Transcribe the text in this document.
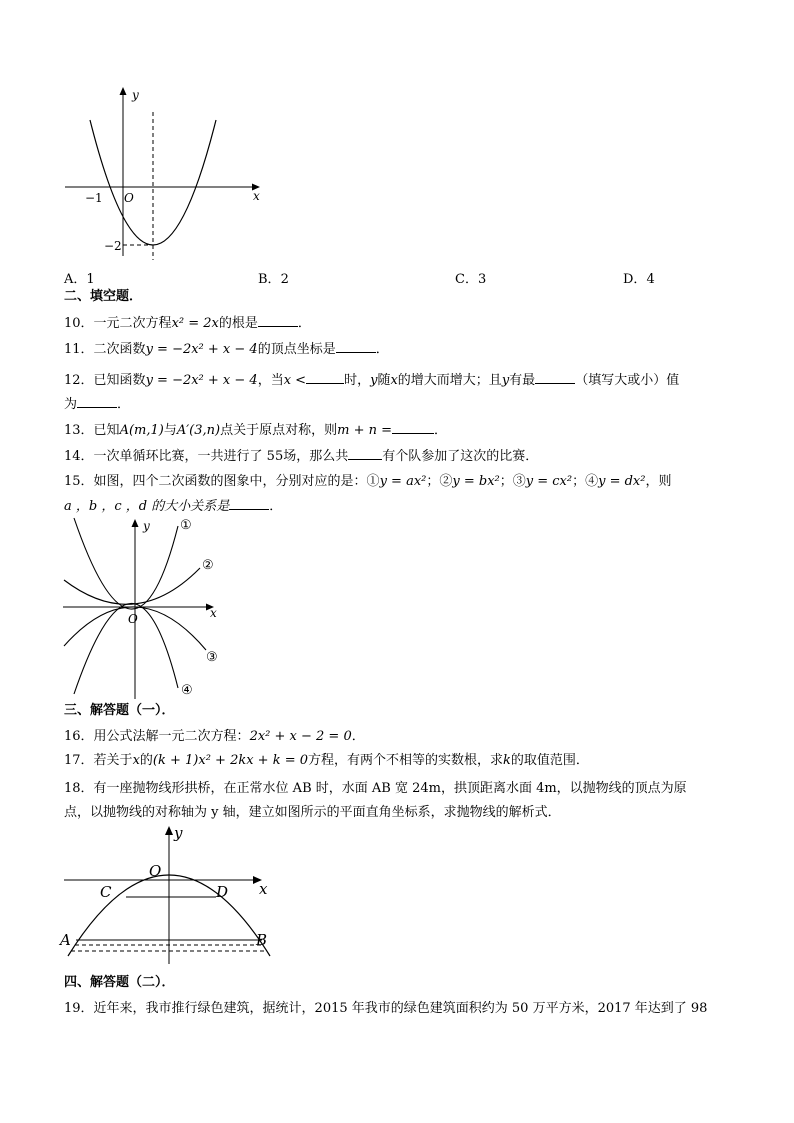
y
x
O
−1
−2
A．1	B．2	C．3	D．4
二、填空题．
10．一元二次方程x² = 2x的根是	．
11．二次函数y = −2x² + x − 4的顶点坐标是	．
12．已知函数y = −2x² + x − 4，当x <	时，y随x的增大而增大；且y有最	（填写大或小）值
为	．
13．已知A(m,1)与A′(3,n)点关于原点对称，则m + n =	．
14．一次单循环比赛，一共进行了 55场，那么共	有个队参加了这次的比赛．
15．如图，四个二次函数的图象中，分别对应的是：①y = ax²；②y = bx²；③y = cx²；④y = dx²，则
a ，b ，c ，d 的大小关系是	．
y
x
O
①
②
③
④
三、解答题（一）．
16．用公式法解一元二次方程：2x² + x − 2 = 0．
17．若关于x的(k + 1)x² + 2kx + k = 0方程，有两个不相等的实数根，求k的取值范围．
18．有一座抛物线形拱桥，在正常水位 AB 时，水面 AB 宽 24m，拱顶距离水面 4m，以抛物线的顶点为原
点，以抛物线的对称轴为 y 轴，建立如图所示的平面直角坐标系，求抛物线的解析式．
y
x
O
C	D
A	B
四、解答题（二）．
19．近年来，我市推行绿色建筑，据统计，2015 年我市的绿色建筑面积约为 50 万平方米，2017 年达到了 98
